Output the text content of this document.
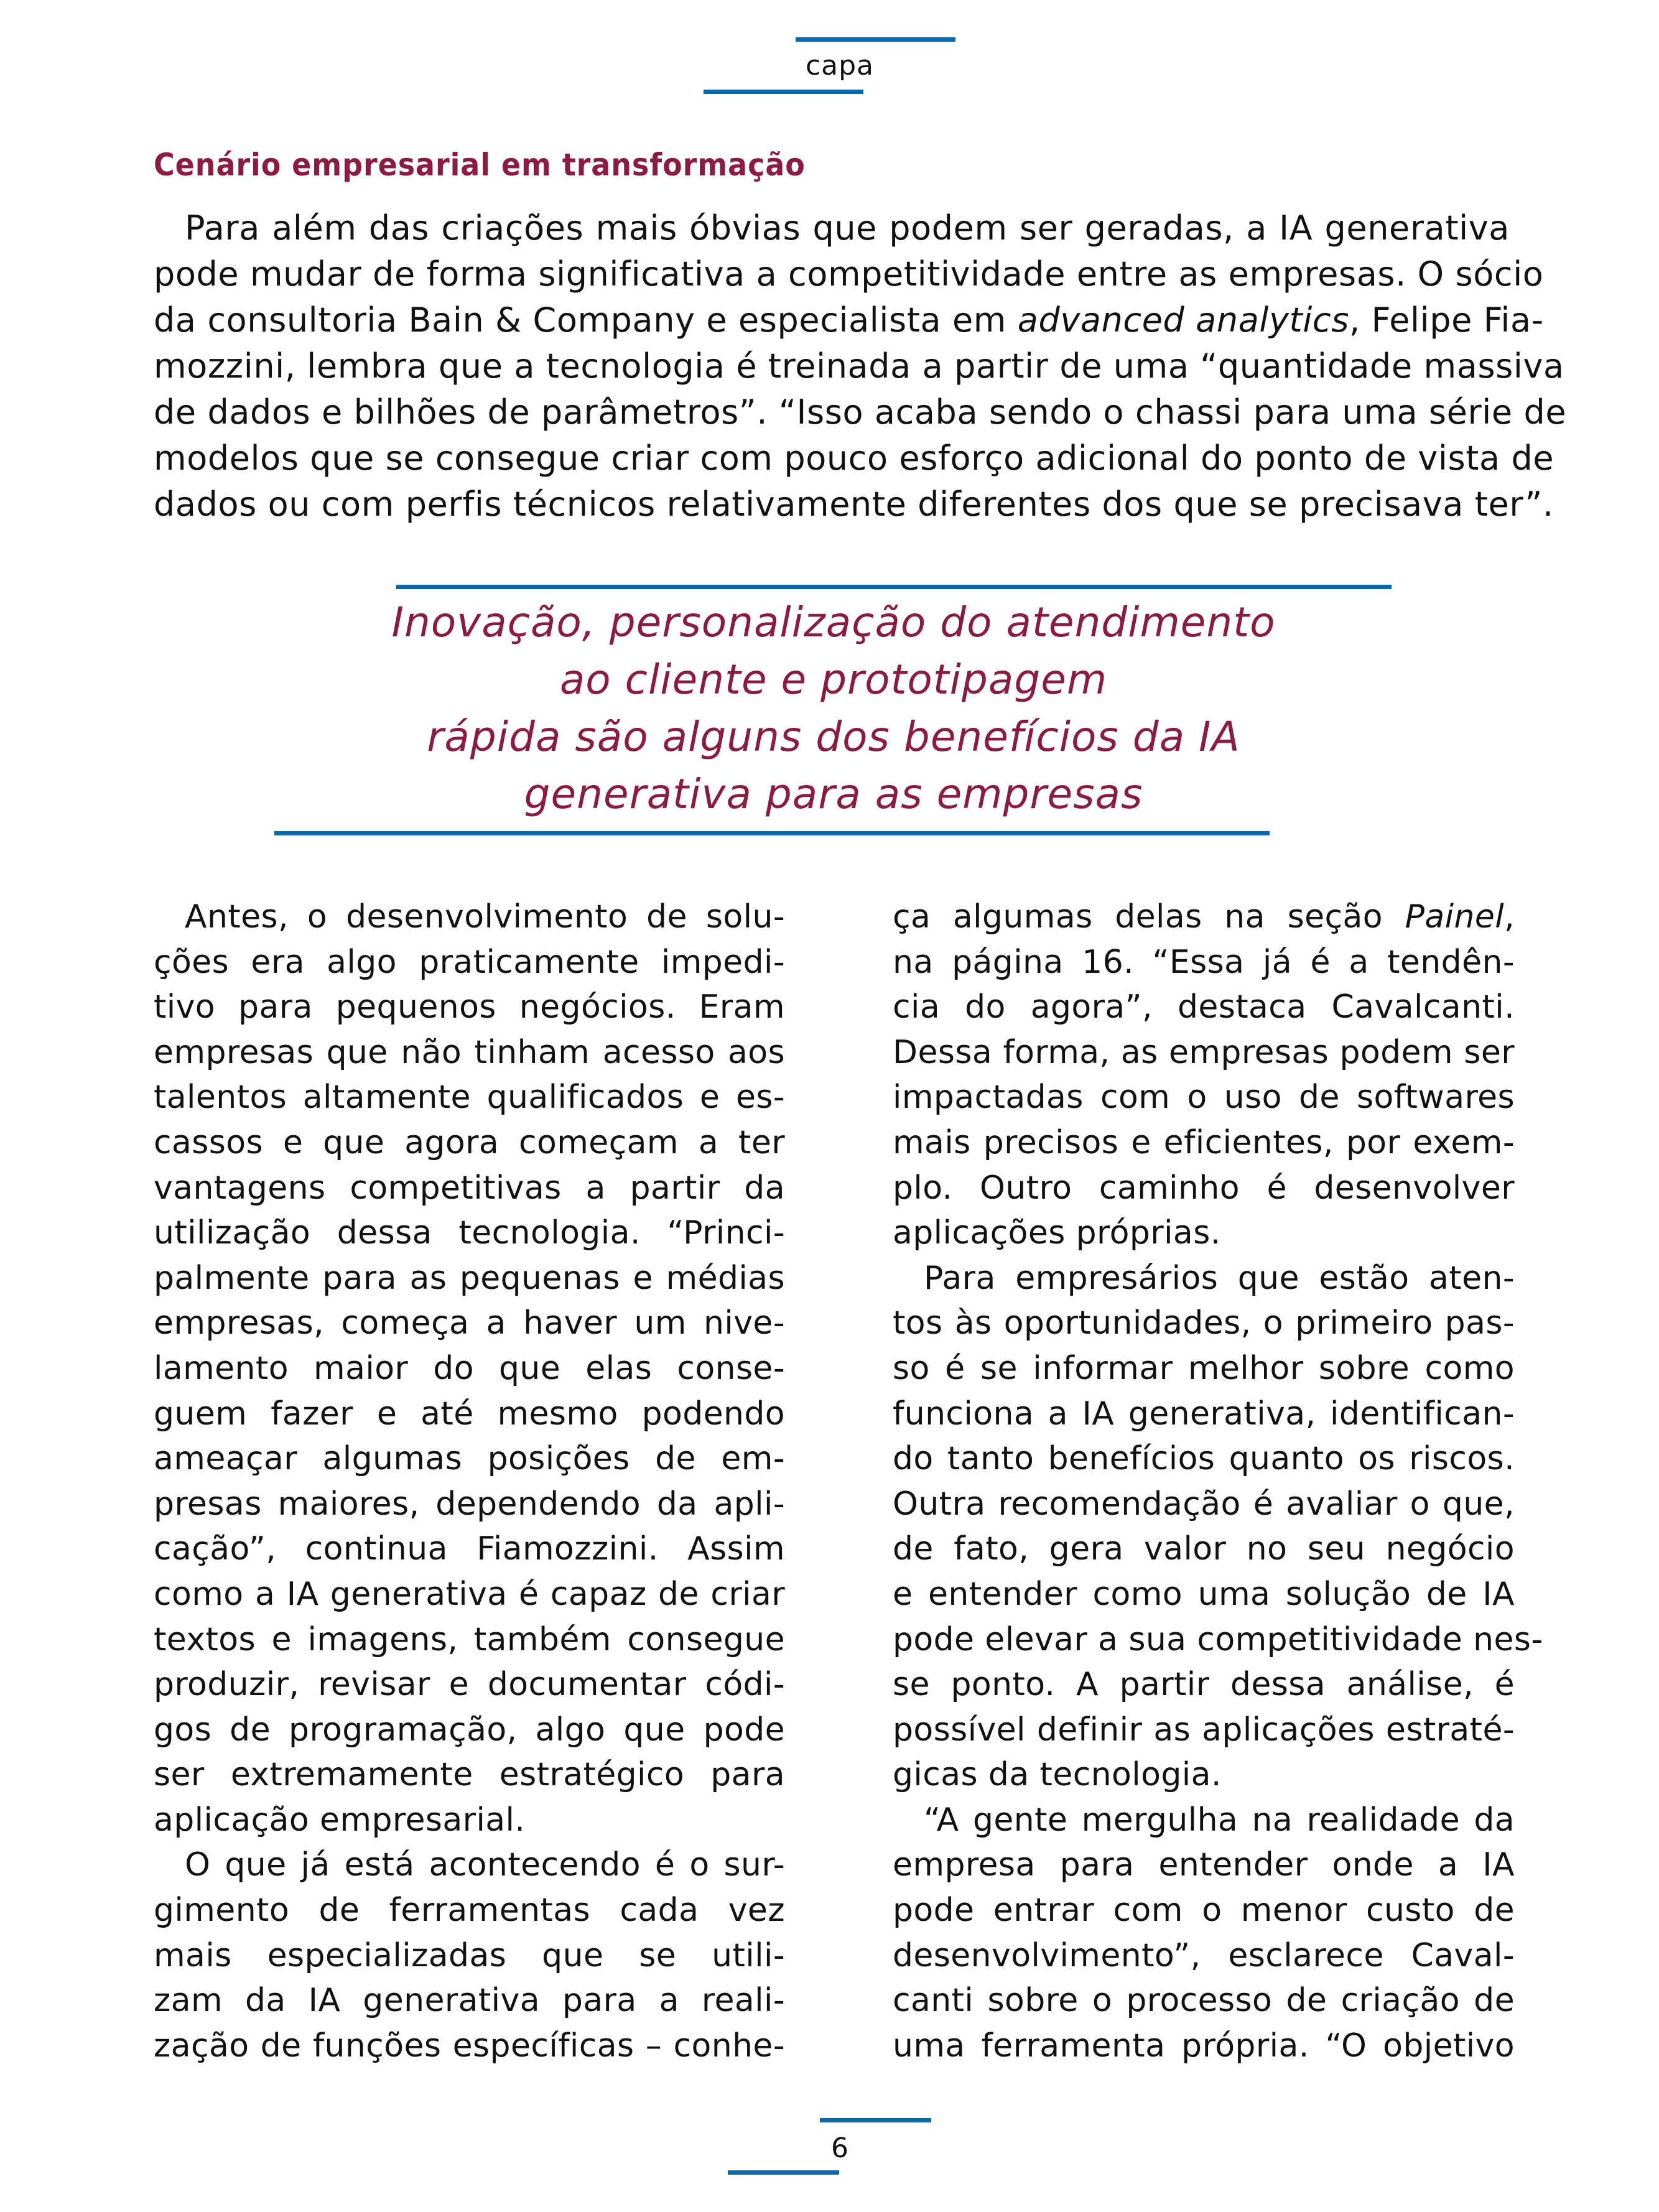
capa
Cenário empresarial em transformação
Para além das criações mais óbvias que podem ser geradas, a IA generativa
pode mudar de forma significativa a competitividade entre as empresas. O sócio
da consultoria Bain & Company e especialista em advanced analytics, Felipe Fia-
mozzini, lembra que a tecnologia é treinada a partir de uma “quantidade massiva
de dados e bilhões de parâmetros”. “Isso acaba sendo o chassi para uma série de
modelos que se consegue criar com pouco esforço adicional do ponto de vista de
dados ou com perfis técnicos relativamente diferentes dos que se precisava ter”.
Inovação, personalização do atendimento
ao cliente e prototipagem
rápida são alguns dos benefícios da IA
generativa para as empresas
Antes, o desenvolvimento de solu-
ções era algo praticamente impedi-
tivo para pequenos negócios. Eram
empresas que não tinham acesso aos
talentos altamente qualificados e es-
cassos e que agora começam a ter
vantagens competitivas a partir da
utilização dessa tecnologia. “Princi-
palmente para as pequenas e médias
empresas, começa a haver um nive-
lamento maior do que elas conse-
guem fazer e até mesmo podendo
ameaçar algumas posições de em-
presas maiores, dependendo da apli-
cação”, continua Fiamozzini. Assim
como a IA generativa é capaz de criar
textos e imagens, também consegue
produzir, revisar e documentar códi-
gos de programação, algo que pode
ser extremamente estratégico para
aplicação empresarial.
O que já está acontecendo é o sur-
gimento de ferramentas cada vez
mais especializadas que se utili-
zam da IA generativa para a reali-
zação de funções específicas – conhe-
ça algumas delas na seção Painel,
na página 16. “Essa já é a tendên-
cia do agora”, destaca Cavalcanti.
Dessa forma, as empresas podem ser
impactadas com o uso de softwares
mais precisos e eficientes, por exem-
plo. Outro caminho é desenvolver
aplicações próprias.
Para empresários que estão aten-
tos às oportunidades, o primeiro pas-
so é se informar melhor sobre como
funciona a IA generativa, identifican-
do tanto benefícios quanto os riscos.
Outra recomendação é avaliar o que,
de fato, gera valor no seu negócio
e entender como uma solução de IA
pode elevar a sua competitividade nes-
se ponto. A partir dessa análise, é
possível definir as aplicações estraté-
gicas da tecnologia.
“A gente mergulha na realidade da
empresa para entender onde a IA
pode entrar com o menor custo de
desenvolvimento”, esclarece Caval-
canti sobre o processo de criação de
uma ferramenta própria. “O objetivo
6
